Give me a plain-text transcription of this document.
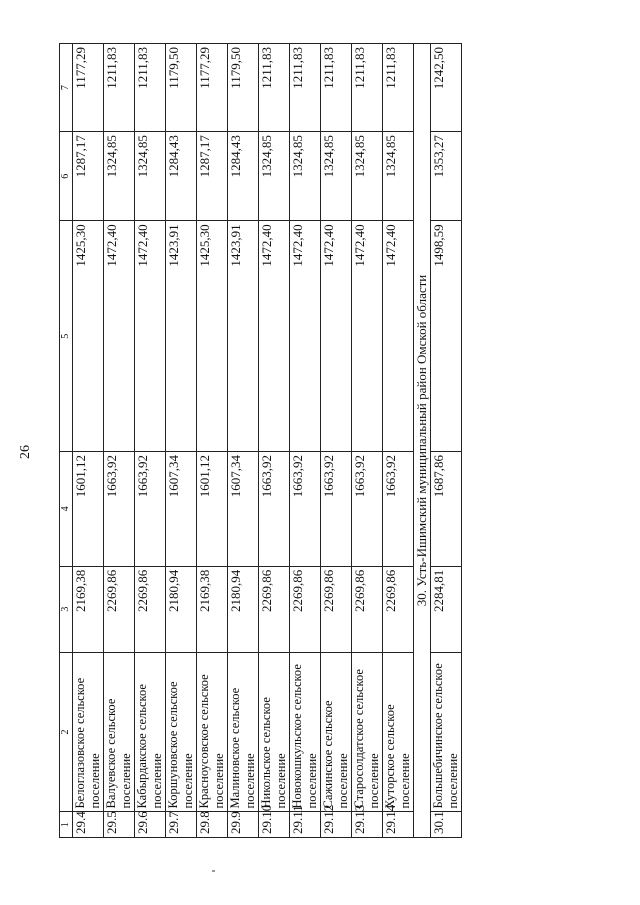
26
1	2	3	4	5	6	7
29.4	Белоглазовское сельское поселение	2169,38	1601,12	1425,30	1287,17	1177,29
29.5	Валуевское сельское поселение	2269,86	1663,92	1472,40	1324,85	1211,83
29.6	Кабырдакское сельское поселение	2269,86	1663,92	1472,40	1324,85	1211,83
29.7	Коршуновское сельское поселение	2180,94	1607,34	1423,91	1284,43	1179,50
29.8	Красноусовское сельское поселение	2169,38	1601,12	1425,30	1287,17	1177,29
29.9	Малиновское сельское поселение	2180,94	1607,34	1423,91	1284,43	1179,50
29.10	Никольское сельское поселение	2269,86	1663,92	1472,40	1324,85	1211,83
29.11	Новокошкульское сельское поселение	2269,86	1663,92	1472,40	1324,85	1211,83
29.12	Сажинское сельское поселение	2269,86	1663,92	1472,40	1324,85	1211,83
29.13	Старосолдатское сельское поселение	2269,86	1663,92	1472,40	1324,85	1211,83
29.14	Хуторское сельское поселение	2269,86	1663,92	1472,40	1324,85	1211,83
30. Усть-Ишимский муниципальный район Омской области						
30.1	Большебичинское сельское поселение	2284,81	1687,86	1498,59	1353,27	1242,50
